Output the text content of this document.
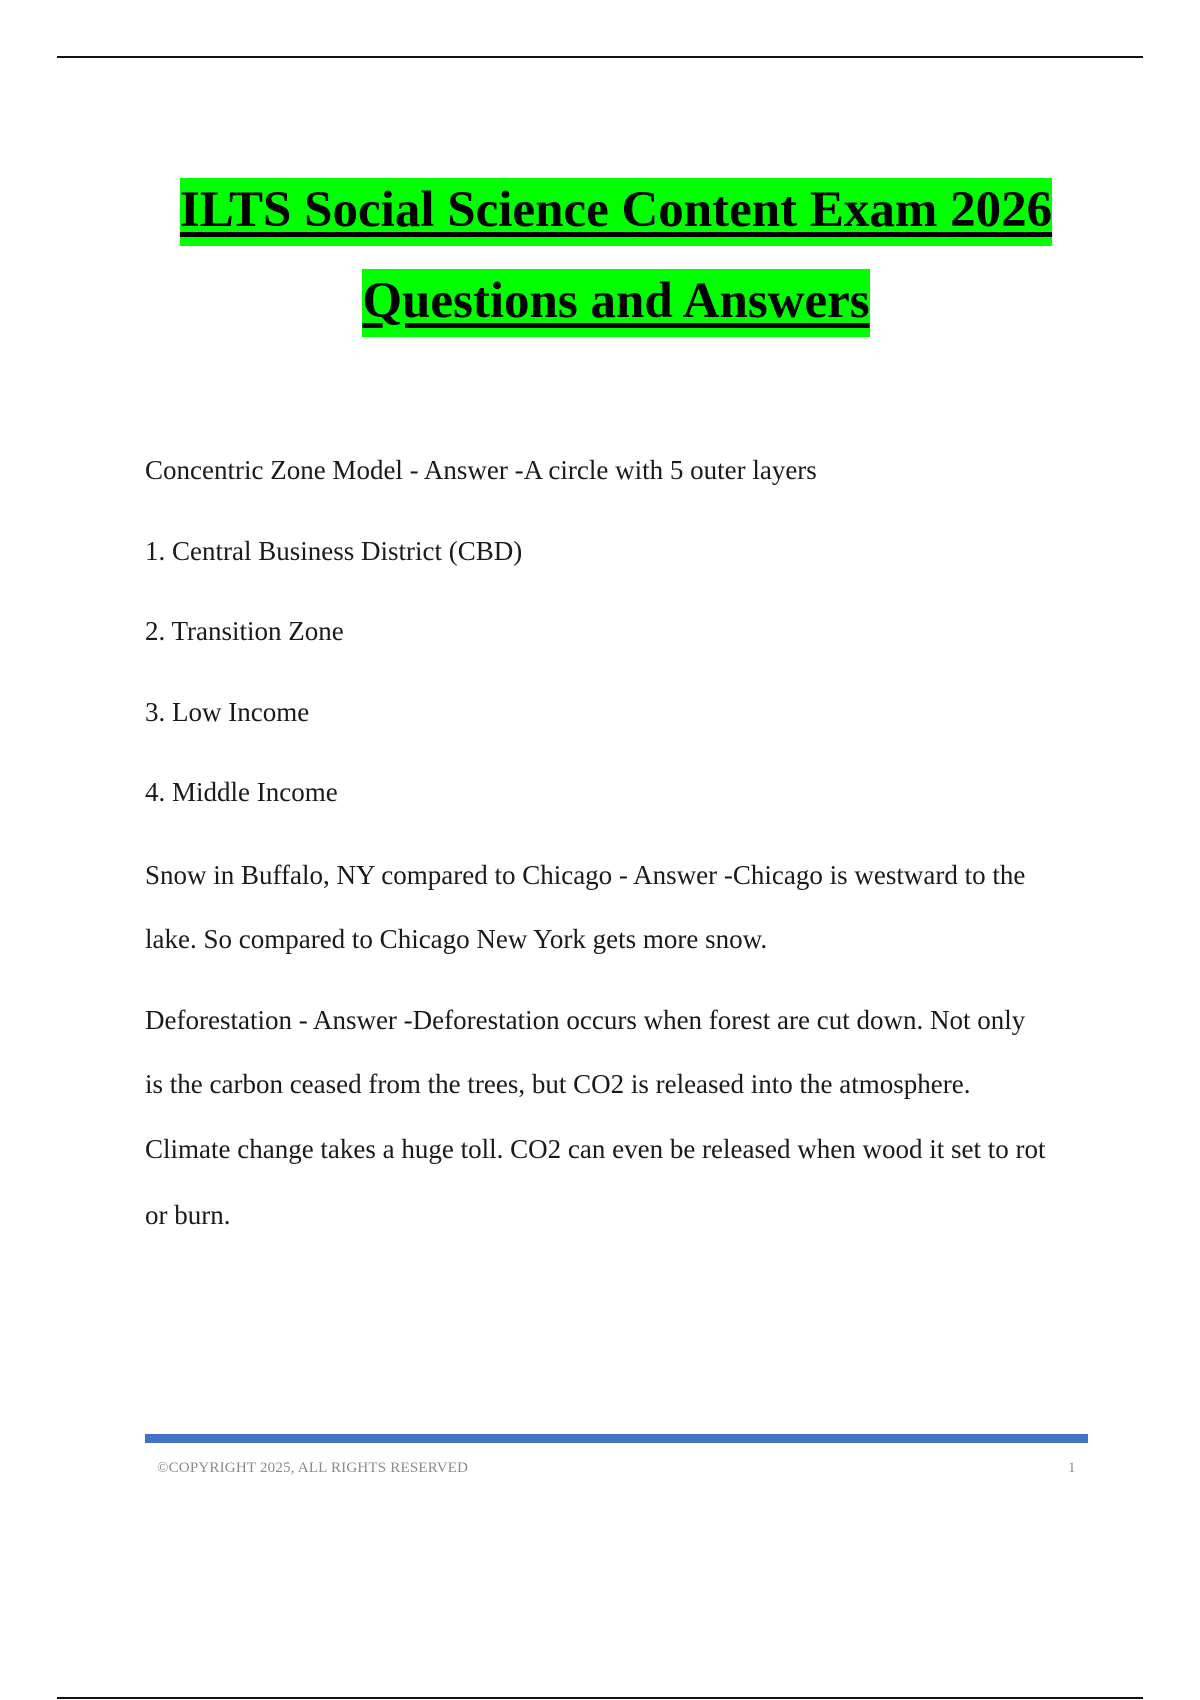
ILTS Social Science Content Exam 2026
Questions and Answers

Concentric Zone Model - Answer -A circle with 5 outer layers

1. Central Business District (CBD)

2. Transition Zone

3. Low Income

4. Middle Income

Snow in Buffalo, NY compared to Chicago - Answer -Chicago is westward to the

lake. So compared to Chicago New York gets more snow.

Deforestation - Answer -Deforestation occurs when forest are cut down. Not only

is the carbon ceased from the trees, but CO2 is released into the atmosphere.

Climate change takes a huge toll. CO2 can even be released when wood it set to rot

or burn.

©COPYRIGHT 2025, ALL RIGHTS RESERVED	1
